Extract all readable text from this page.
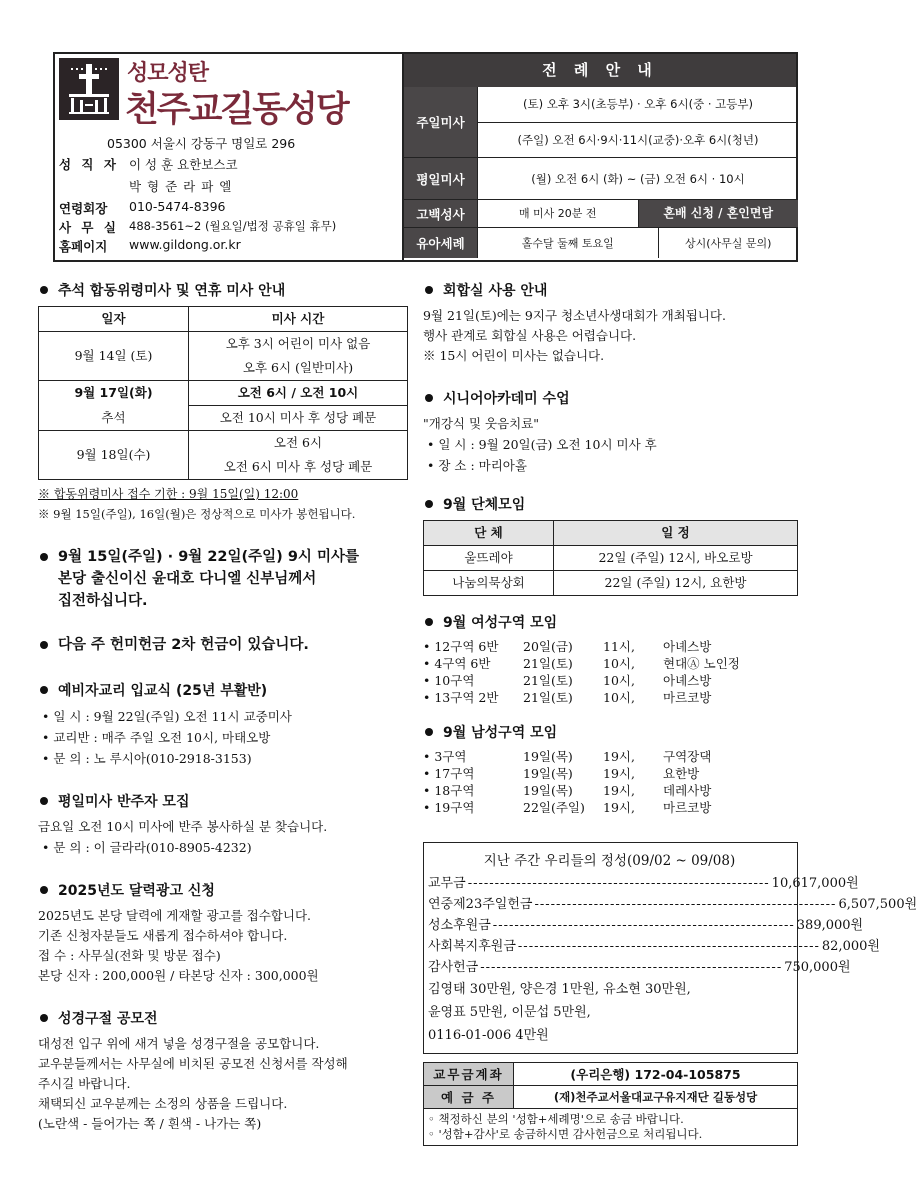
성모성탄
천주교길동성당
05300 서울시 강동구 명일로 296
성 직 자 이 성 훈 요한보스코
박 형 준 라 파 엘
연령회장	010-5474-8396
사 무 실 488-3561~2 (월요일/법정 공휴일 휴무)
홈페이지	www.gildong.or.kr
전 례 안 내
주일미사
(토) 오후 3시(초등부) · 오후 6시(중 · 고등부)
(주일) 오전 6시·9시·11시(교중)·오후 6시(청년)
평일미사	(월) 오전 6시 (화) ~ (금) 오전 6시 · 10시
고백성사	매 미사 20분 전	혼배 신청 / 혼인면담
유아세례	홀수달 둘째 토요일	상시(사무실 문의)
추석 합동위령미사 및 연휴 미사 안내
일자	미사 시간
9월 14일 (토)	오후 3시 어린이 미사 없음
	오후 6시 (일반미사)
9월 17일(화)	오전 6시 / 오전 10시
추석	오전 10시 미사 후 성당 폐문
9월 18일(수)	오전 6시
	오전 6시 미사 후 성당 폐문
※ 합동위령미사 접수 기한 : 9월 15일(일) 12:00
※ 9월 15일(주일), 16일(월)은 정상적으로 미사가 봉헌됩니다.
9월 15일(주일) · 9월 22일(주일) 9시 미사를
본당 출신이신 윤대호 다니엘 신부님께서
집전하십니다.
다음 주 헌미헌금 2차 헌금이 있습니다.
예비자교리 입교식 (25년 부활반)
• 일 시 : 9월 22일(주일) 오전 11시 교중미사
• 교리반 : 매주 주일 오전 10시, 마태오방
• 문 의 : 노 루시아(010-2918-3153)
평일미사 반주자 모집
금요일 오전 10시 미사에 반주 봉사하실 분 찾습니다.
• 문 의 : 이 글라라(010-8905-4232)
2025년도 달력광고 신청
2025년도 본당 달력에 게재할 광고를 접수합니다.
기존 신청자분들도 새롭게 접수하셔야 합니다.
접 수 : 사무실(전화 및 방문 접수)
본당 신자 : 200,000원 / 타본당 신자 : 300,000원
성경구절 공모전
대성전 입구 위에 새겨 넣을 성경구절을 공모합니다.
교우분들께서는 사무실에 비치된 공모전 신청서를 작성해
주시길 바랍니다.
채택되신 교우분께는 소정의 상품을 드립니다.
(노란색 - 들어가는 쪽 / 흰색 - 나가는 쪽)
회합실 사용 안내
9월 21일(토)에는 9지구 청소년사생대회가 개최됩니다.
행사 관계로 회합실 사용은 어렵습니다.
※ 15시 어린이 미사는 없습니다.
시니어아카데미 수업
"개강식 및 웃음치료"
• 일 시 : 9월 20일(금) 오전 10시 미사 후
• 장 소 : 마리아홀
9월 단체모임
단 체	일 정
울뜨레야	22일 (주일) 12시, 바오로방
나눔의묵상회	22일 (주일) 12시, 요한방
9월 여성구역 모임
• 12구역 6반	20일(금)	11시,	아녜스방
• 4구역 6반	21일(토)	10시,	현대Ⓐ 노인정
• 10구역	21일(토)	10시,	아녜스방
• 13구역 2반	21일(토)	10시,	마르코방
9월 남성구역 모임
• 3구역	19일(목)	19시,	구역장댁
• 17구역	19일(목)	19시,	요한방
• 18구역	19일(목)	19시,	데레사방
• 19구역	22일(주일)	19시,	마르코방
지난 주간 우리들의 정성(09/02 ~ 09/08)
교무금 -------------------------------------------------------- 10,617,000원
연중제23주일헌금 -------------------------------------------------------- 6,507,500원
성소후원금 -------------------------------------------------------- 389,000원
사회복지후원금 -------------------------------------------------------- 82,000원
감사헌금 -------------------------------------------------------- 750,000원
김영태 30만원, 양은경 1만원, 유소현 30만원,
윤영표 5만원, 이문섭 5만원,
0116-01-006 4만원
교무금계좌	(우리은행) 172-04-105875
예 금 주	(재)천주교서울대교구유지재단 길동성당
◦ 책정하신 분의 '성함+세례명'으로 송금 바랍니다.
◦ '성함+감사'로 송금하시면 감사헌금으로 처리됩니다.
